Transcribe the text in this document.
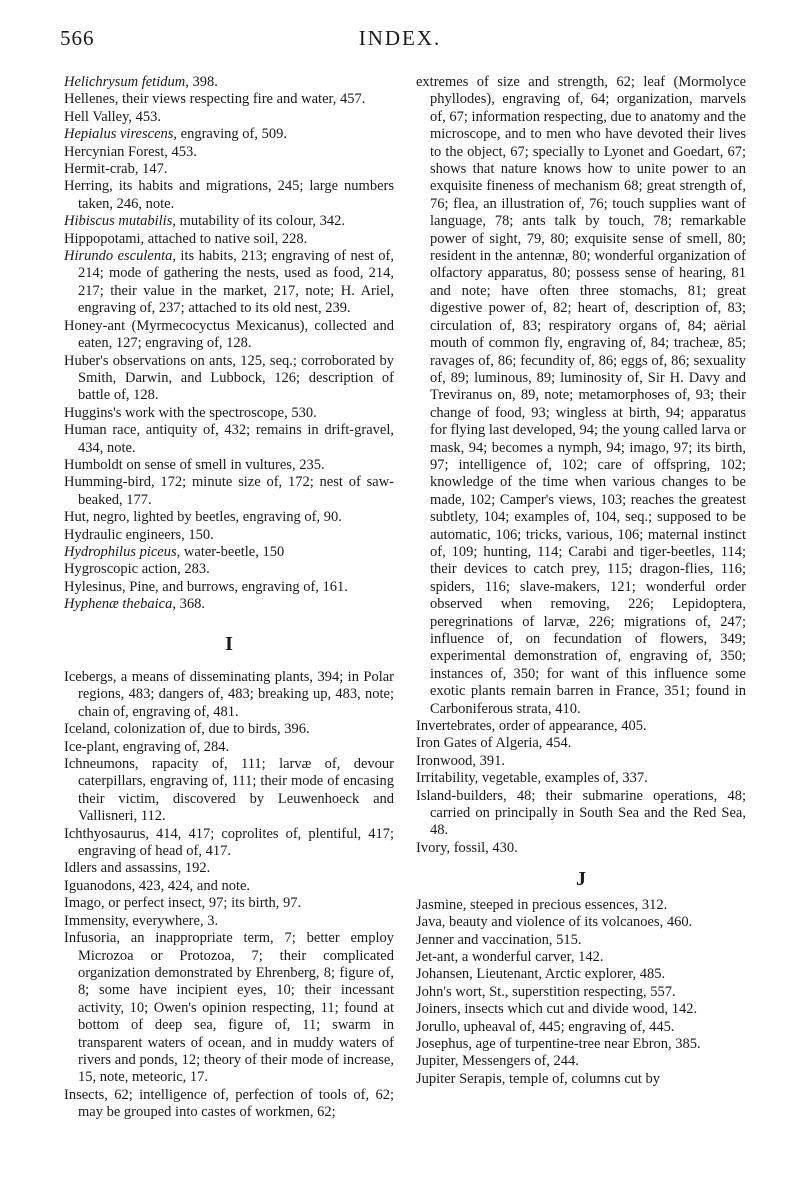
566	INDEX.

Helichrysum fetidum, 398.

Hellenes, their views respecting fire and water, 457.

Hell Valley, 453.

Hepialus virescens, engraving of, 509.

Hercynian Forest, 453.

Hermit-crab, 147.

Herring, its habits and migrations, 245; large numbers taken, 246, note.

Hibiscus mutabilis, mutability of its colour, 342.

Hippopotami, attached to native soil, 228.

Hirundo esculenta, its habits, 213; engraving of nest of, 214; mode of gathering the nests, used as food, 214, 217; their value in the market, 217, note; H. Ariel, engraving of, 237; attached to its old nest, 239.

Honey-ant (Myrmecocyctus Mexicanus), collected and eaten, 127; engraving of, 128.

Huber's observations on ants, 125, seq.; corroborated by Smith, Darwin, and Lubbock, 126; description of battle of, 128.

Huggins's work with the spectroscope, 530.

Human race, antiquity of, 432; remains in drift-gravel, 434, note.

Humboldt on sense of smell in vultures, 235.

Humming-bird, 172; minute size of, 172; nest of saw-beaked, 177.

Hut, negro, lighted by beetles, engraving of, 90.

Hydraulic engineers, 150.

Hydrophilus piceus, water-beetle, 150

Hygroscopic action, 283.

Hylesinus, Pine, and burrows, engraving of, 161.

Hyphenæ thebaica, 368.

I

Icebergs, a means of disseminating plants, 394; in Polar regions, 483; dangers of, 483; breaking up, 483, note; chain of, engraving of, 481.

Iceland, colonization of, due to birds, 396.

Ice-plant, engraving of, 284.

Ichneumons, rapacity of, 111; larvæ of, devour caterpillars, engraving of, 111; their mode of encasing their victim, discovered by Leuwenhoeck and Vallisneri, 112.

Ichthyosaurus, 414, 417; coprolites of, plentiful, 417; engraving of head of, 417.

Idlers and assassins, 192.

Iguanodons, 423, 424, and note.

Imago, or perfect insect, 97; its birth, 97.

Immensity, everywhere, 3.

Infusoria, an inappropriate term, 7; better employ Microzoa or Protozoa, 7; their complicated organization demonstrated by Ehrenberg, 8; figure of, 8; some have incipient eyes, 10; their incessant activity, 10; Owen's opinion respecting, 11; found at bottom of deep sea, figure of, 11; swarm in transparent waters of ocean, and in muddy waters of rivers and ponds, 12; theory of their mode of increase, 15, note, meteoric, 17.

Insects, 62; intelligence of, perfection of tools of, 62; may be grouped into castes of workmen, 62;

extremes of size and strength, 62; leaf (Mormolyce phyllodes), engraving of, 64; organization, marvels of, 67; information respecting, due to anatomy and the microscope, and to men who have devoted their lives to the object, 67; specially to Lyonet and Goedart, 67; shows that nature knows how to unite power to an exquisite fineness of mechanism 68; great strength of, 76; flea, an illustration of, 76; touch supplies want of language, 78; ants talk by touch, 78; remarkable power of sight, 79, 80; exquisite sense of smell, 80; resident in the antennæ, 80; wonderful organization of olfactory apparatus, 80; possess sense of hearing, 81 and note; have often three stomachs, 81; great digestive power of, 82; heart of, description of, 83; circulation of, 83; respiratory organs of, 84; aërial mouth of common fly, engraving of, 84; tracheæ, 85; ravages of, 86; fecundity of, 86; eggs of, 86; sexuality of, 89; luminous, 89; luminosity of, Sir H. Davy and Treviranus on, 89, note; metamorphoses of, 93; their change of food, 93; wingless at birth, 94; apparatus for flying last developed, 94; the young called larva or mask, 94; becomes a nymph, 94; imago, 97; its birth, 97; intelligence of, 102; care of offspring, 102; knowledge of the time when various changes to be made, 102; Camper's views, 103; reaches the greatest subtlety, 104; examples of, 104, seq.; supposed to be automatic, 106; tricks, various, 106; maternal instinct of, 109; hunting, 114; Carabi and tiger-beetles, 114; their devices to catch prey, 115; dragon-flies, 116; spiders, 116; slave-makers, 121; wonderful order observed when removing, 226; Lepidoptera, peregrinations of larvæ, 226; migrations of, 247; influence of, on fecundation of flowers, 349; experimental demonstration of, engraving of, 350; instances of, 350; for want of this influence some exotic plants remain barren in France, 351; found in Carboniferous strata, 410.

Invertebrates, order of appearance, 405.

Iron Gates of Algeria, 454.

Ironwood, 391.

Irritability, vegetable, examples of, 337.

Island-builders, 48; their submarine operations, 48; carried on principally in South Sea and the Red Sea, 48.

Ivory, fossil, 430.

J

Jasmine, steeped in precious essences, 312.

Java, beauty and violence of its volcanoes, 460.

Jenner and vaccination, 515.

Jet-ant, a wonderful carver, 142.

Johansen, Lieutenant, Arctic explorer, 485.

John's wort, St., superstition respecting, 557.

Joiners, insects which cut and divide wood, 142.

Jorullo, upheaval of, 445; engraving of, 445.

Josephus, age of turpentine-tree near Ebron, 385.

Jupiter, Messengers of, 244.

Jupiter Serapis, temple of, columns cut by
